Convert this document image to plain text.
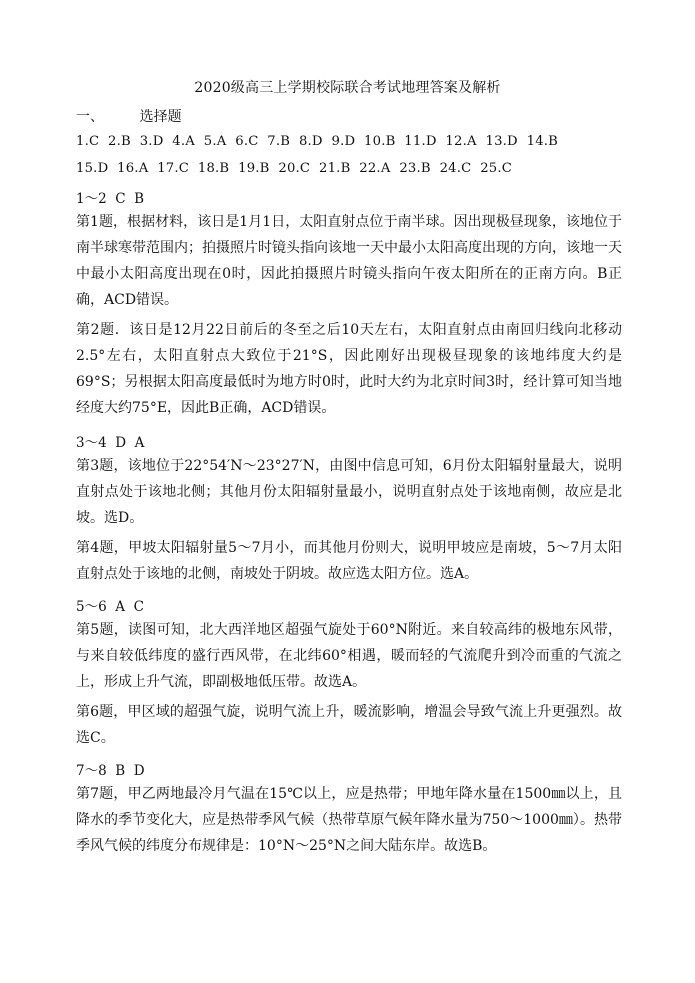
2020级高三上学期校际联合考试地理答案及解析
一、        选择题
1.C  2.B  3.D  4.A  5.A  6.C  7.B  8.D  9.D  10.B  11.D  12.A  13.D  14.B
15.D  16.A  17.C  18.B  19.B  20.C  21.B  22.A  23.B  24.C  25.C
1～2  C  B
第1题，根据材料，该日是1月1日，太阳直射点位于南半球。因出现极昼现象，该地位于南半球寒带范围内；拍摄照片时镜头指向该地一天中最小太阳高度出现的方向，该地一天中最小太阳高度出现在0时，因此拍摄照片时镜头指向午夜太阳所在的正南方向。B正确，ACD错误。
第2题．该日是12月22日前后的冬至之后10天左右，太阳直射点由南回归线向北移动2.5°左右，太阳直射点大致位于21°S，因此刚好出现极昼现象的该地纬度大约是69°S；另根据太阳高度最低时为地方时0时，此时大约为北京时间3时，经计算可知当地经度大约75°E，因此B正确，ACD错误。
3～4  D  A
第3题，该地位于22°54′N～23°27′N，由图中信息可知，6月份太阳辐射量最大，说明直射点处于该地北侧；其他月份太阳辐射量最小，说明直射点处于该地南侧，故应是北坡。选D。
第4题，甲坡太阳辐射量5～7月小，而其他月份则大，说明甲坡应是南坡，5～7月太阳直射点处于该地的北侧，南坡处于阴坡。故应选太阳方位。选A。
5～6  A  C
第5题，读图可知，北大西洋地区超强气旋处于60°N附近。来自较高纬的极地东风带，与来自较低纬度的盛行西风带，在北纬60°相遇，暖而轻的气流爬升到冷而重的气流之上，形成上升气流，即副极地低压带。故选A。
第6题，甲区域的超强气旋，说明气流上升，暖流影响，增温会导致气流上升更强烈。故选C。
7～8  B  D
第7题，甲乙两地最冷月气温在15℃以上，应是热带；甲地年降水量在1500㎜以上，且降水的季节变化大，应是热带季风气候（热带草原气候年降水量为750～1000㎜）。热带季风气候的纬度分布规律是：10°N～25°N之间大陆东岸。故选B。
